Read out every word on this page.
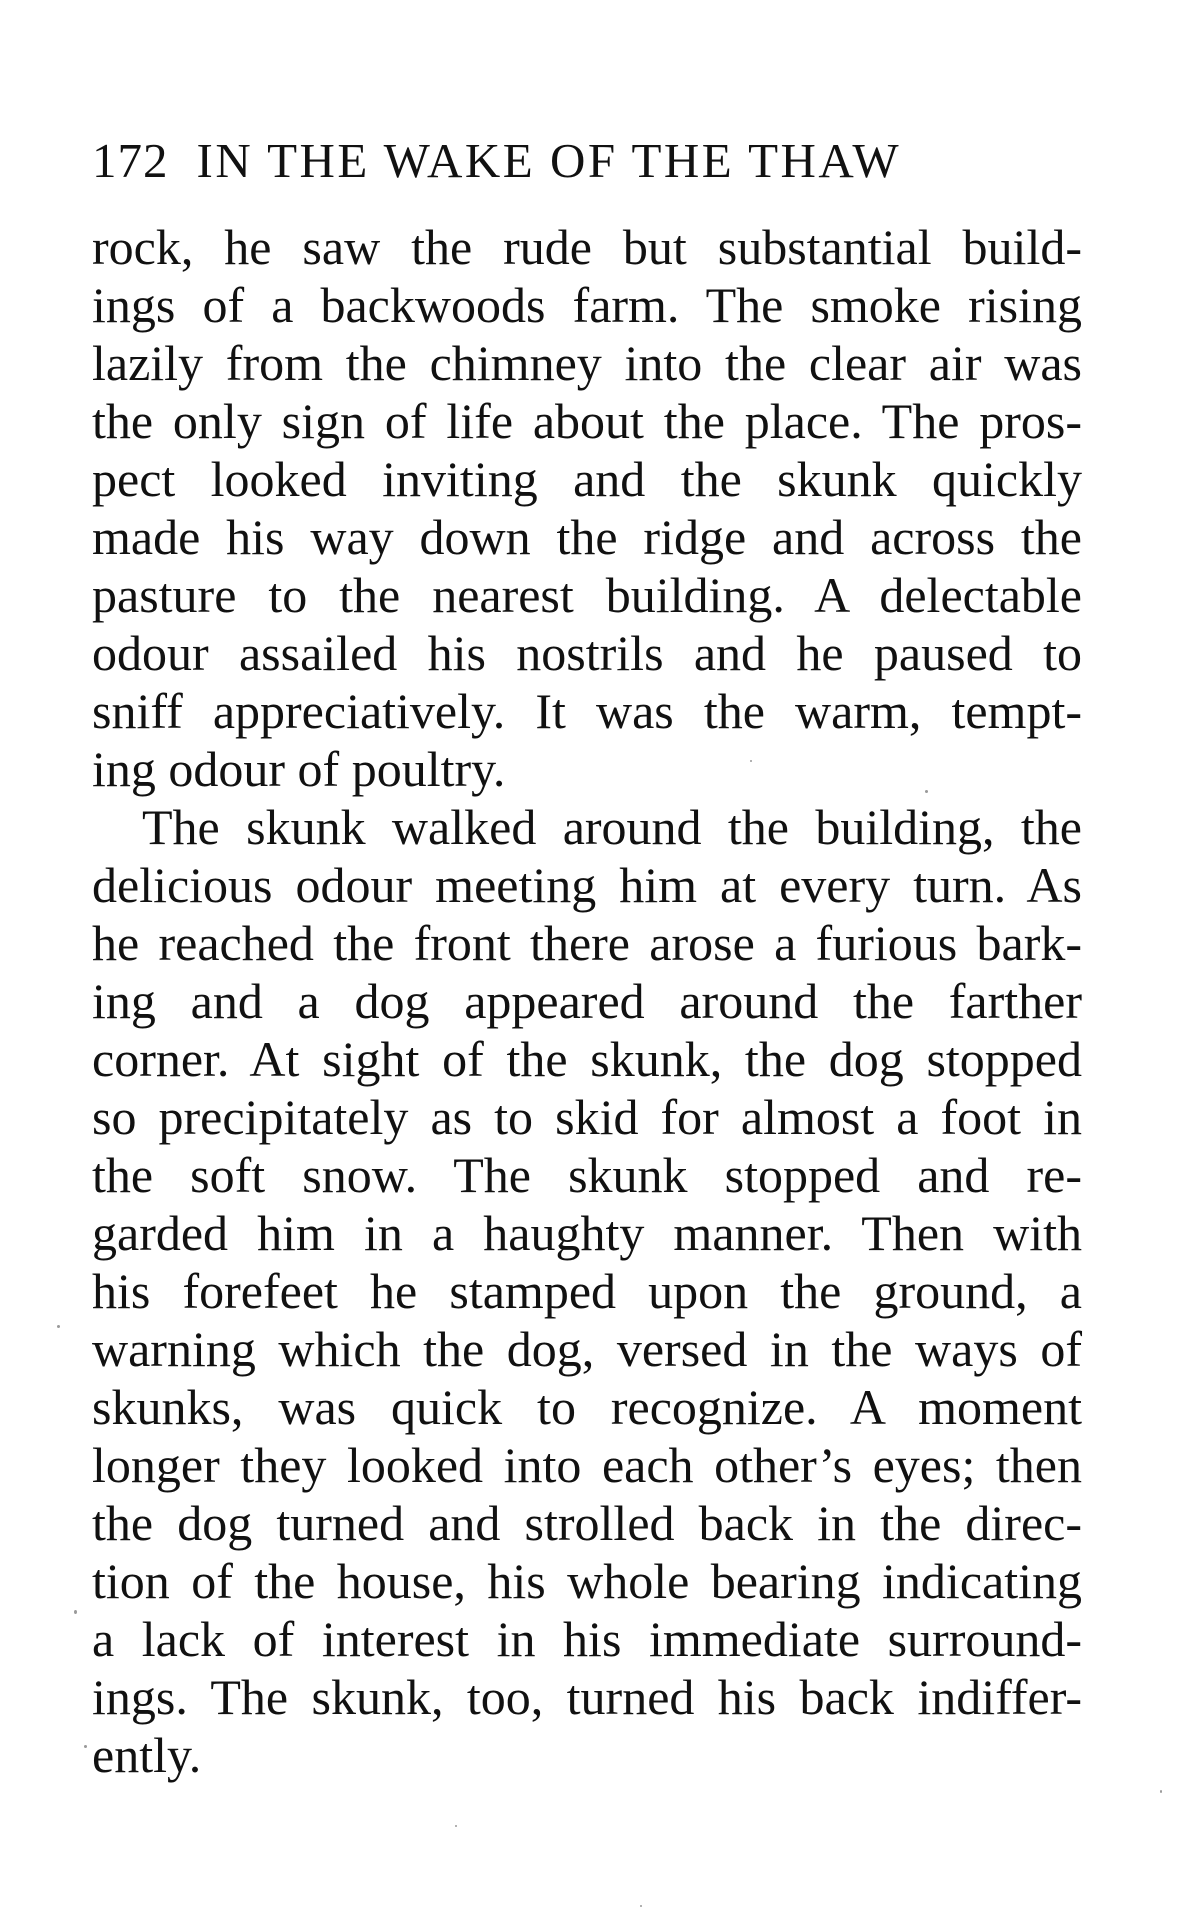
172 IN THE WAKE OF THE THAW
rock, he saw the rude but substantial build-
ings of a backwoods farm. The smoke rising
lazily from the chimney into the clear air was
the only sign of life about the place. The pros-
pect looked inviting and the skunk quickly
made his way down the ridge and across the
pasture to the nearest building. A delectable
odour assailed his nostrils and he paused to
sniff appreciatively. It was the warm, tempt-
ing odour of poultry.
The skunk walked around the building, the
delicious odour meeting him at every turn. As
he reached the front there arose a furious bark-
ing and a dog appeared around the farther
corner. At sight of the skunk, the dog stopped
so precipitately as to skid for almost a foot in
the soft snow. The skunk stopped and re-
garded him in a haughty manner. Then with
his forefeet he stamped upon the ground, a
warning which the dog, versed in the ways of
skunks, was quick to recognize. A moment
longer they looked into each other’s eyes; then
the dog turned and strolled back in the direc-
tion of the house, his whole bearing indicating
a lack of interest in his immediate surround-
ings. The skunk, too, turned his back indiffer-
ently.
